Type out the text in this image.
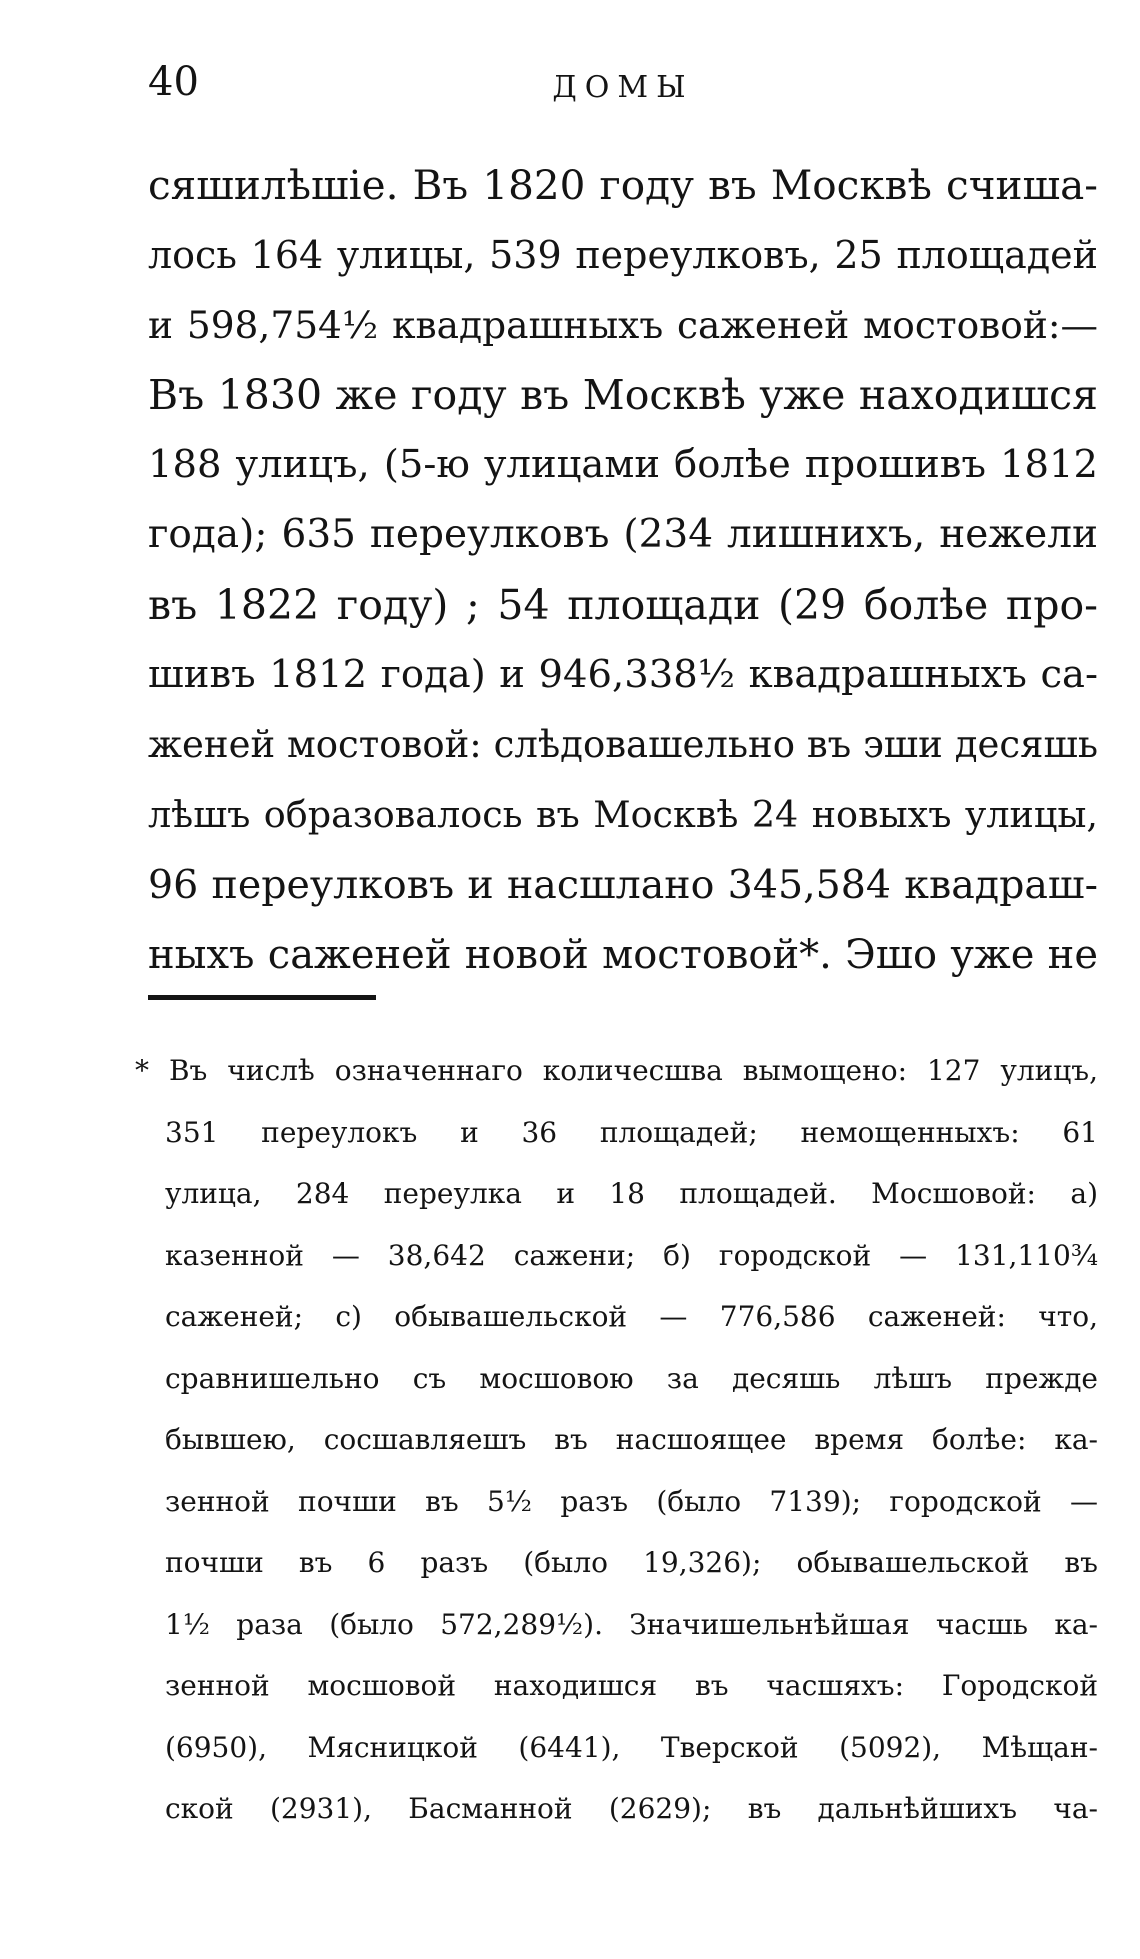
40	ДОМЫ
сяшилѣшіе. Въ 1820 году въ Москвѣ счиша-
лось 164 улицы, 539 переулковъ, 25 площадей
и 598,754½ квадрашныхъ саженей мостовой:—
Въ 1830 же году въ Москвѣ уже находишся
188 улицъ, (5-ю улицами болѣе прошивъ 1812
года); 635 переулковъ (234 лишнихъ, нежели
въ 1822 году) ; 54 площади (29 болѣе про-
шивъ 1812 года) и 946,338½ квадрашныхъ са-
женей мостовой: слѣдовашельно въ эши десяшь
лѣшъ образовалось въ Москвѣ 24 новыхъ улицы,
96 переулковъ и насшлано 345,584 квадраш-
ныхъ саженей новой мостовой*. Эшо уже не
* Въ числѣ означеннаго количесшва вымощено: 127 улицъ,
351 переулокъ и 36 площадей; немощенныхъ: 61
улица, 284 переулка и 18 площадей. Мосшовой: а)
казенной — 38,642 сажени; б) городской — 131,110¾
саженей; с) обывашельской — 776,586 саженей: что,
сравнишельно съ мосшовою за десяшь лѣшъ прежде
бывшею, сосшавляешъ въ насшоящее время болѣе: ка-
зенной почши въ 5½ разъ (было 7139); городской —
почши въ 6 разъ (было 19,326); обывашельской въ
1½ раза (было 572,289½). Значишельнѣйшая часшь ка-
зенной мосшовой находишся въ часшяхъ: Городской
(6950), Мясницкой (6441), Тверской (5092), Мѣщан-
ской (2931), Басманной (2629); въ дальнѣйшихъ ча-
